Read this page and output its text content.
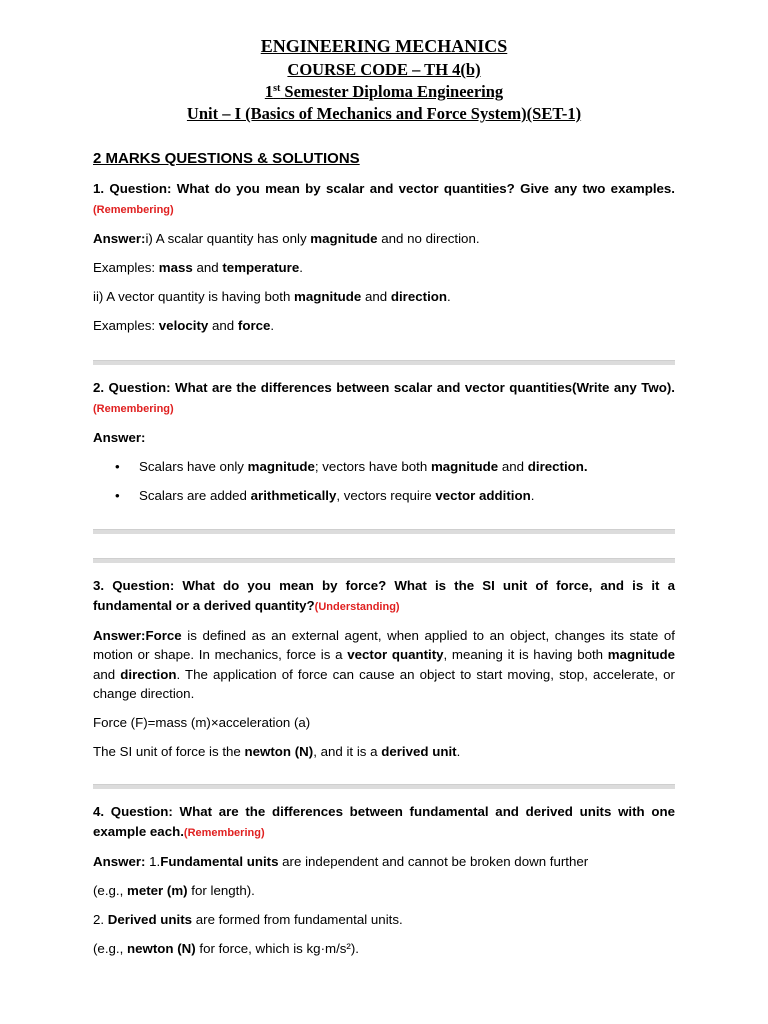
ENGINEERING MECHANICS
COURSE CODE – TH 4(b)
1st Semester Diploma Engineering
Unit – I (Basics of Mechanics and Force System)(SET-1)
2 MARKS QUESTIONS & SOLUTIONS
1. Question: What do you mean by scalar and vector quantities? Give any two examples.(Remembering)

Answer:i) A scalar quantity has only magnitude and no direction.

Examples: mass and temperature.

ii) A vector quantity is having both magnitude and direction.

Examples: velocity and force.

2. Question: What are the differences between scalar and vector quantities(Write any Two).(Remembering)

Answer:

• Scalars have only magnitude; vectors have both magnitude and direction.
• Scalars are added arithmetically, vectors require vector addition.
3. Question: What do you mean by force? What is the SI unit of force, and is it a fundamental or a derived quantity?(Understanding)

Answer:Force is defined as an external agent, when applied to an object, changes its state of motion or shape. In mechanics, force is a vector quantity, meaning it is having both magnitude and direction. The application of force can cause an object to start moving, stop, accelerate, or change direction.

Force (F)=mass (m)×acceleration (a)

The SI unit of force is the newton (N), and it is a derived unit.

4. Question: What are the differences between fundamental and derived units with one example each.(Remembering)

Answer: 1.Fundamental units are independent and cannot be broken down further

(e.g., meter (m) for length).

2. Derived units are formed from fundamental units.

(e.g., newton (N) for force, which is kg·m/s²).
